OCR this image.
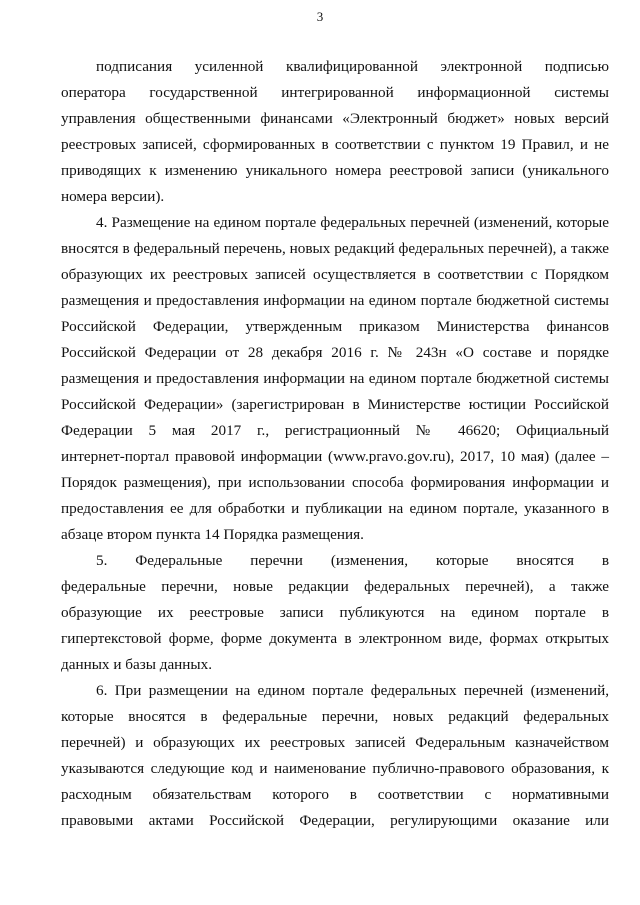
3
подписания усиленной квалифицированной электронной подписью
оператора государственной интегрированной информационной системы
управления общественными финансами «Электронный бюджет» новых версий
реестровых записей, сформированных в соответствии с пунктом 19 Правил, и не
приводящих к изменению уникального номера реестровой записи (уникального
номера версии).
4. Размещение на едином портале федеральных перечней (изменений, которые
вносятся в федеральный перечень, новых редакций федеральных перечней), а также
образующих их реестровых записей осуществляется в соответствии с Порядком
размещения и предоставления информации на едином портале бюджетной системы
Российской Федерации, утвержденным приказом Министерства финансов
Российской Федерации от 28 декабря 2016 г. № 243н «О составе и порядке
размещения и предоставления информации на едином портале бюджетной системы
Российской Федерации» (зарегистрирован в Министерстве юстиции Российской
Федерации 5 мая 2017 г., регистрационный № 46620; Официальный
интернет-портал правовой информации (www.pravo.gov.ru), 2017, 10 мая) (далее –
Порядок размещения), при использовании способа формирования информации и
предоставления ее для обработки и публикации на едином портале, указанного в
абзаце втором пункта 14 Порядка размещения.
5. Федеральные перечни (изменения, которые вносятся в
федеральные перечни, новые редакции федеральных перечней), а также
образующие их реестровые записи публикуются на едином портале в
гипертекстовой форме, форме документа в электронном виде, формах открытых
данных и базы данных.
6. При размещении на едином портале федеральных перечней (изменений,
которые вносятся в федеральные перечни, новых редакций федеральных
перечней) и образующих их реестровых записей Федеральным казначейством
указываются следующие код и наименование публично-правового образования, к
расходным обязательствам которого в соответствии с нормативными
правовыми актами Российской Федерации, регулирующими оказание или
